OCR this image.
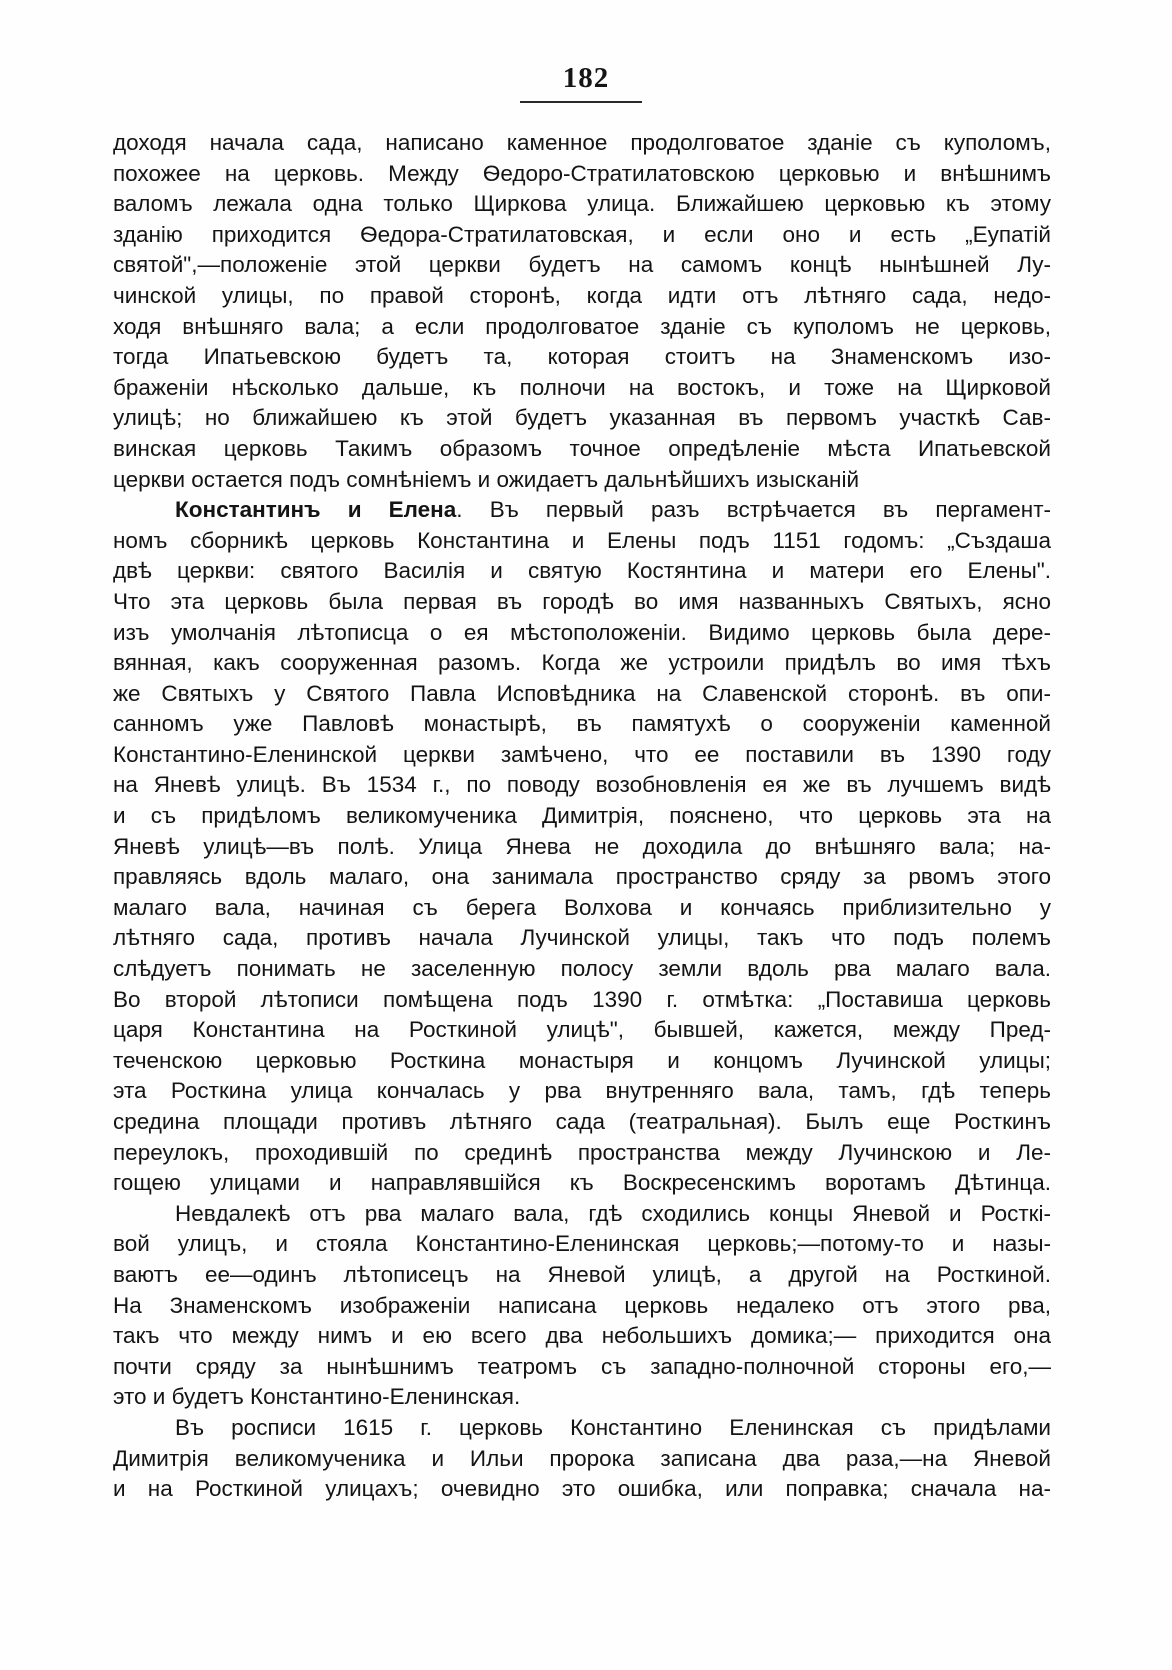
182
доходя начала сада, написано каменное продолговатое зданіе съ куполомъ,
похожее на церковь. Между Ѳедоро-Стратилатовскою церковью и внѣшнимъ
валомъ лежала одна только Щиркова улица. Ближайшею церковью къ этому
зданію приходится Ѳедора-Стратилатовская, и если оно и есть „Еупатій
святой",—положеніе этой церкви будетъ на самомъ концѣ нынѣшней Лу-
чинской улицы, по правой сторонѣ, когда идти отъ лѣтняго сада, недо-
ходя внѣшняго вала; а если продолговатое зданіе съ куполомъ не церковь,
тогда Ипатьевскою будетъ та, которая стоитъ на Знаменскомъ изо-
браженіи нѣсколько дальше, къ полночи на востокъ, и тоже на Щирковой
улицѣ; но ближайшею къ этой будетъ указанная въ первомъ участкѣ Сав-
винская церковь Такимъ образомъ точное опредѣленіе мѣста Ипатьевской
церкви остается подъ сомнѣніемъ и ожидаетъ дальнѣйшихъ изысканій
Константинъ и Елена. Въ первый разъ встрѣчается въ пергамент-
номъ сборникѣ церковь Константина и Елены подъ 1151 годомъ: „Създаша
двѣ церкви: святого Василія и святую Костянтина и матери его Елены".
Что эта церковь была первая въ городѣ во имя названныхъ Святыхъ, ясно
изъ умолчанія лѣтописца о ея мѣстоположеніи. Видимо церковь была дере-
вянная, какъ сооруженная разомъ. Когда же устроили придѣлъ во имя тѣхъ
же Святыхъ у Святого Павла Исповѣдника на Славенской сторонѣ. въ опи-
санномъ уже Павловѣ монастырѣ, въ памятухѣ о сооруженіи каменной
Константино-Еленинской церкви замѣчено, что ее поставили въ 1390 году
на Яневѣ улицѣ. Въ 1534 г., по поводу возобновленія ея же въ лучшемъ видѣ
и съ придѣломъ великомученика Димитрія, пояснено, что церковь эта на
Яневѣ улицѣ—въ полѣ. Улица Янева не доходила до внѣшняго вала; на-
правляясь вдоль малаго, она занимала пространство сряду за рвомъ этого
малаго вала, начиная съ берега Волхова и кончаясь приблизительно у
лѣтняго сада, противъ начала Лучинской улицы, такъ что подъ полемъ
слѣдуетъ понимать не заселенную полосу земли вдоль рва малаго вала.
Во второй лѣтописи помѣщена подъ 1390 г. отмѣтка: „Поставиша церковь
царя Константина на Росткиной улицѣ", бывшей, кажется, между Пред-
теченскою церковью Росткина монастыря и концомъ Лучинской улицы;
эта Росткина улица кончалась у рва внутренняго вала, тамъ, гдѣ теперь
средина площади противъ лѣтняго сада (театральная). Былъ еще Росткинъ
переулокъ, проходившій по срединѣ пространства между Лучинскою и Ле-
гощею улицами и направлявшійся къ Воскресенскимъ воротамъ Дѣтинца.
Невдалекѣ отъ рва малаго вала, гдѣ сходились концы Яневой и Росткi-
вой улицъ, и стояла Константино-Еленинская церковь;—потому-то и назы-
ваютъ ее—одинъ лѣтописецъ на Яневой улицѣ, а другой на Росткиной.
На Знаменскомъ изображеніи написана церковь недалеко отъ этого рва,
такъ что между нимъ и ею всего два небольшихъ домика;— приходится она
почти сряду за нынѣшнимъ театромъ съ западно-полночной стороны его,—
это и будетъ Константино-Еленинская.
Въ росписи 1615 г. церковь Константино Еленинская съ придѣлами
Димитрія великомученика и Ильи пророка записана два раза,—на Яневой
и на Росткиной улицахъ; очевидно это ошибка, или поправка; сначала на-
